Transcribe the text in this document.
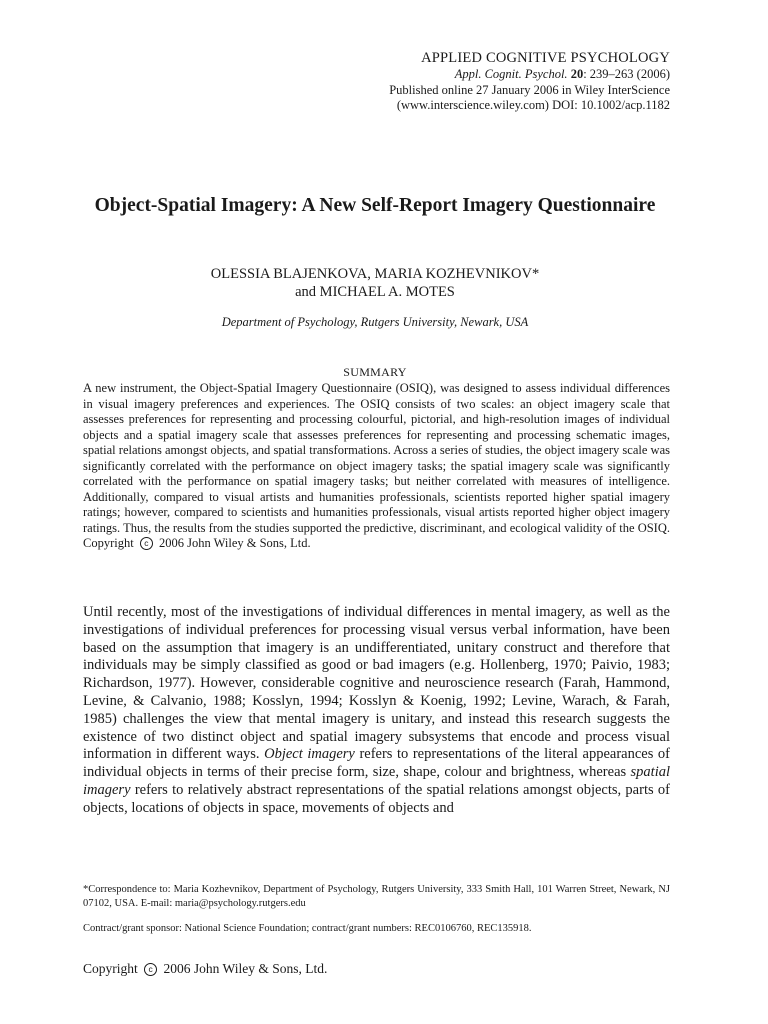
APPLIED COGNITIVE PSYCHOLOGY
Appl. Cognit. Psychol. 20: 239–263 (2006)
Published online 27 January 2006 in Wiley InterScience
(www.interscience.wiley.com) DOI: 10.1002/acp.1182
Object-Spatial Imagery: A New Self-Report Imagery Questionnaire
OLESSIA BLAJENKOVA, MARIA KOZHEVNIKOV*
and MICHAEL A. MOTES
Department of Psychology, Rutgers University, Newark, USA
SUMMARY
A new instrument, the Object-Spatial Imagery Questionnaire (OSIQ), was designed to assess individual differences in visual imagery preferences and experiences. The OSIQ consists of two scales: an object imagery scale that assesses preferences for representing and processing colourful, pictorial, and high-resolution images of individual objects and a spatial imagery scale that assesses preferences for representing and processing schematic images, spatial relations amongst objects, and spatial transformations. Across a series of studies, the object imagery scale was significantly correlated with the performance on object imagery tasks; the spatial imagery scale was significantly correlated with the performance on spatial imagery tasks; but neither correlated with measures of intelligence. Additionally, compared to visual artists and humanities professionals, scientists reported higher spatial imagery ratings; however, compared to scientists and humanities professionals, visual artists reported higher object imagery ratings. Thus, the results from the studies supported the predictive, discriminant, and ecological validity of the OSIQ. Copyright c 2006 John Wiley & Sons, Ltd.
Until recently, most of the investigations of individual differences in mental imagery, as well as the investigations of individual preferences for processing visual versus verbal information, have been based on the assumption that imagery is an undifferentiated, unitary construct and therefore that individuals may be simply classified as good or bad imagers (e.g. Hollenberg, 1970; Paivio, 1983; Richardson, 1977). However, considerable cognitive and neuroscience research (Farah, Hammond, Levine, & Calvanio, 1988; Kosslyn, 1994; Kosslyn & Koenig, 1992; Levine, Warach, & Farah, 1985) challenges the view that mental imagery is unitary, and instead this research suggests the existence of two distinct object and spatial imagery subsystems that encode and process visual information in different ways. Object imagery refers to representations of the literal appearances of individual objects in terms of their precise form, size, shape, colour and brightness, whereas spatial imagery refers to relatively abstract representations of the spatial relations amongst objects, parts of objects, locations of objects in space, movements of objects and
*Correspondence to: Maria Kozhevnikov, Department of Psychology, Rutgers University, 333 Smith Hall, 101 Warren Street, Newark, NJ 07102, USA. E-mail: maria@psychology.rutgers.edu
Contract/grant sponsor: National Science Foundation; contract/grant numbers: REC0106760, REC135918.
Copyright c 2006 John Wiley & Sons, Ltd.
